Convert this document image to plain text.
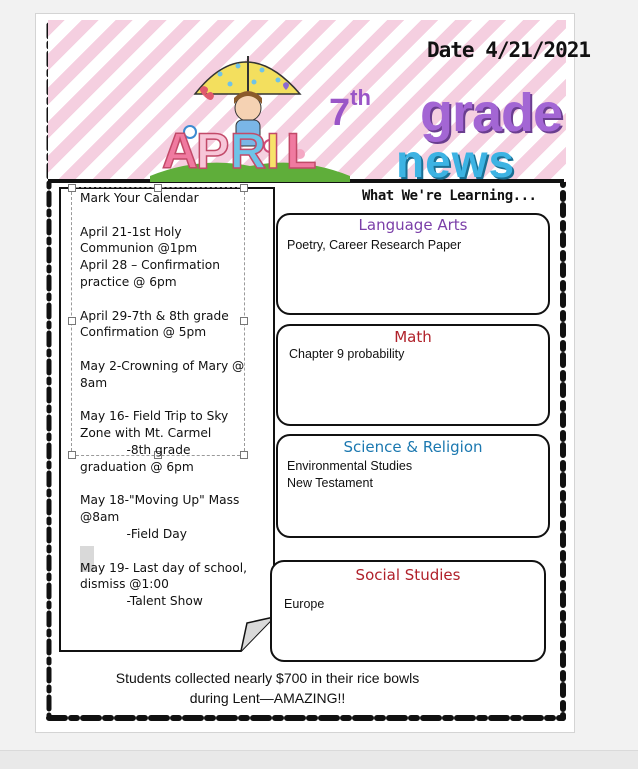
Date 4/21/2021
7th grade
news
A
P R I L

Mark Your Calendar

April 21-1st Holy Communion @1pm

April 28 – Confirmation practice @ 6pm

April 29-7th & 8th grade Confirmation @ 5pm

May 2-Crowning of Mary @ 8am

May 16- Field Trip to Sky Zone with Mt. Carmel

-8th grade graduation @ 6pm

May 18-"Moving Up" Mass @8am

-Field Day

May 19- Last day of school, dismiss @1:00

-Talent Show

What We're Learning...
Language Arts
Poetry, Career Research Paper
Math
Chapter 9 probability
Science & Religion
Environmental Studies
New Testament
Social Studies
Europe
Students collected nearly $700 in their rice bowls
during Lent—AMAZING!!
